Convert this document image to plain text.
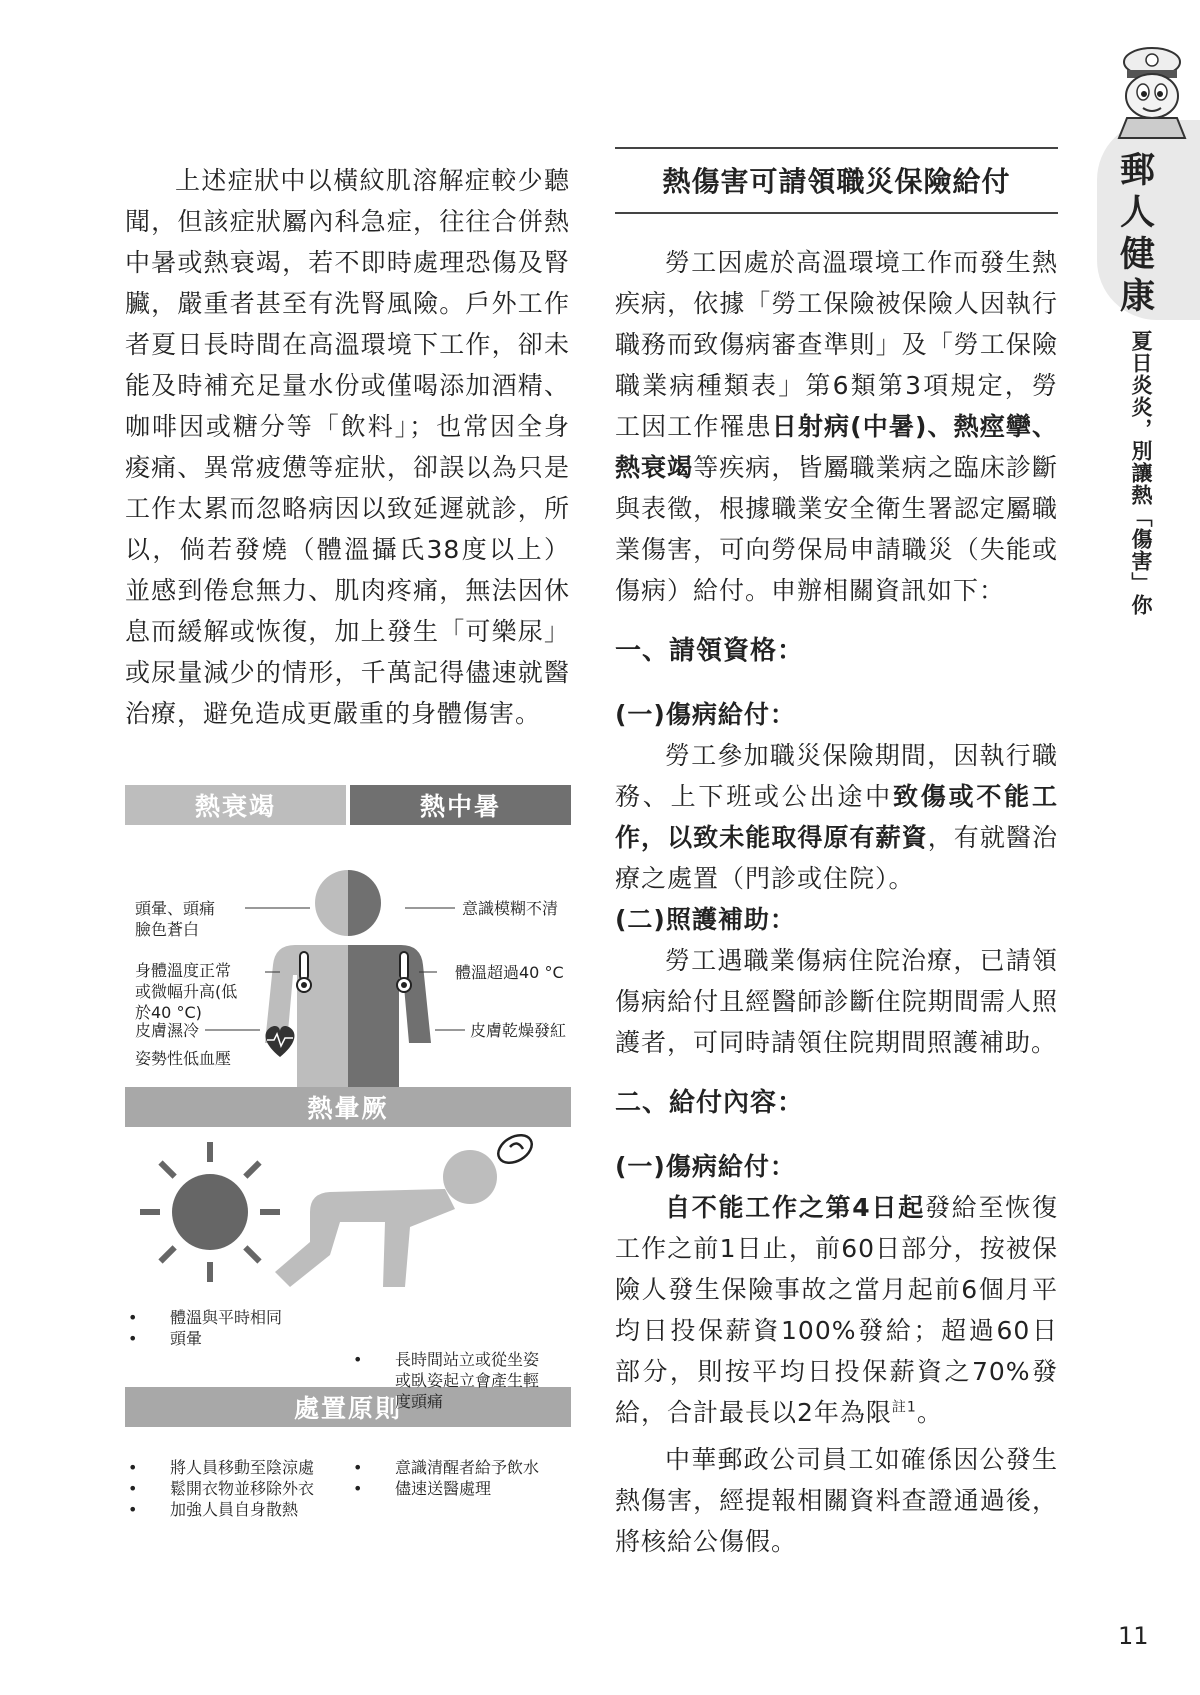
郵人健康
夏日炎炎，別讓熱「傷害」你

上述症狀中以橫紋肌溶解症較少聽聞，但該症狀屬內科急症，往往合併熱中暑或熱衰竭，若不即時處理恐傷及腎臟，嚴重者甚至有洗腎風險。戶外工作者夏日長時間在高溫環境下工作，卻未能及時補充足量水份或僅喝添加酒精、咖啡因或糖分等「飲料」；也常因全身痠痛、異常疲憊等症狀，卻誤以為只是工作太累而忽略病因以致延遲就診，所以，倘若發燒（體溫攝氏38度以上）並感到倦怠無力、肌肉疼痛，無法因休息而緩解或恢復，加上發生「可樂尿」或尿量減少的情形，千萬記得儘速就醫治療，避免造成更嚴重的身體傷害。

熱衰竭	熱中暑
頭暈、頭痛
臉色蒼白
身體溫度正常
或微幅升高(低
於40 °C)
皮膚濕冷
姿勢性低血壓
意識模糊不清
體溫超過40 °C
皮膚乾燥發紅
熱暈厥
• 體溫與平時相同
• 頭暈

• 長時間站立或從坐姿
或臥姿起立會產生輕
度頭痛

處置原則
• 將人員移動至陰涼處
• 鬆開衣物並移除外衣
• 加強人員自身散熱
• 意識清醒者給予飲水
• 儘速送醫處理
熱傷害可請領職災保險給付

勞工因處於高溫環境工作而發生熱疾病，依據「勞工保險被保險人因執行職務而致傷病審查準則」及「勞工保險職業病種類表」第6類第3項規定，勞工因工作罹患日射病(中暑)、熱痙攣、熱衰竭等疾病，皆屬職業病之臨床診斷與表徵，根據職業安全衛生署認定屬職業傷害，可向勞保局申請職災（失能或傷病）給付。申辦相關資訊如下：

一、請領資格：
(一)傷病給付：

勞工參加職災保險期間，因執行職務、上下班或公出途中致傷或不能工作，以致未能取得原有薪資，有就醫治療之處置（門診或住院）。

(二)照護補助：

勞工遇職業傷病住院治療，已請領傷病給付且經醫師診斷住院期間需人照護者，可同時請領住院期間照護補助。

二、給付內容：
(一)傷病給付：

自不能工作之第4日起發給至恢復工作之前1日止，前60日部分，按被保險人發生保險事故之當月起前6個月平均日投保薪資100%發給；超過60日部分，則按平均日投保薪資之70%發給，合計最長以2年為限$^{註1}$。

中華郵政公司員工如確係因公發生熱傷害，經提報相關資料查證通過後，將核給公傷假。

11
